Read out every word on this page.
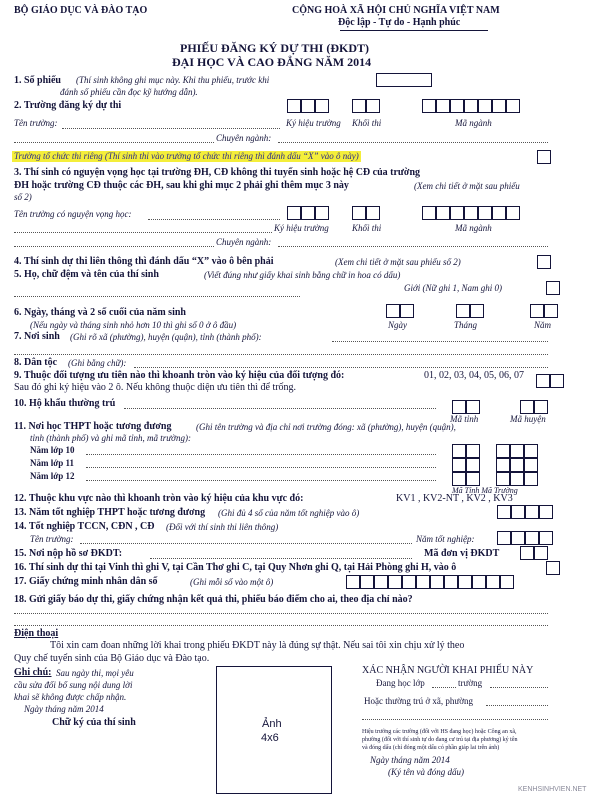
BỘ GIÁO DỤC VÀ ĐÀO TẠO	CỘNG HOÀ XÃ HỘI CHỦ NGHĨA VIỆT NAM
Độc lập - Tự do - Hạnh phúc
PHIẾU ĐĂNG KÝ DỰ THI (ĐKDT)
ĐẠI HỌC VÀ CAO ĐẲNG NĂM 2014
1. Số phiếu (Thí sinh không ghi mục này. Khi thu phiếu, trước khi
đánh số phiếu cần đọc kỹ hướng dẫn).
2. Trường đăng ký dự thi
Tên trường:	Ký hiệu trường Khối thi	Mã ngành
Chuyên ngành:
Trường tổ chức thi riêng (Thí sinh thi vào trường tổ chức thi riêng thì đánh dấu “X” vào ô này)
3. Thí sinh có nguyện vọng học tại trường ĐH, CĐ không thi tuyển sinh hoặc hệ CĐ của trường
ĐH hoặc trường CĐ thuộc các ĐH, sau khi ghi mục 2 phải ghi thêm mục 3 này	(Xem chi tiết ở mặt sau phiếu
số 2)
Tên trường có nguyện vọng học:
Ký hiệu trường	Khối thi	Mã ngành
Chuyên ngành:
4. Thí sinh dự thi liên thông thì đánh dấu “X” vào ô bên phải	(Xem chi tiết ở mặt sau phiếu số 2)
5. Họ, chữ đệm và tên của thí sinh	(Viết đúng như giấy khai sinh bằng chữ in hoa có dấu)
Giới (Nữ ghi 1, Nam ghi 0)
6. Ngày, tháng và 2 số cuối của năm sinh
(Nếu ngày và tháng sinh nhỏ hơn 10 thì ghi số 0 ở ô đầu)	Ngày	Tháng	Năm
7. Nơi sinh (Ghi rõ xã (phường), huyện (quận), tỉnh (thành phố):
8. Dân tộc (Ghi bằng chữ):
9. Thuộc đối tượng ưu tiên nào thì khoanh tròn vào ký hiệu của đối tượng đó:	01, 02, 03, 04, 05, 06, 07
Sau đó ghi ký hiệu vào 2 ô. Nếu không thuộc diện ưu tiên thì để trống.
10. Hộ khẩu thường trú
Mã tỉnh	Mã huyện
11. Nơi học THPT hoặc tương đương	(Ghi tên trường và địa chỉ nơi trường đóng: xã (phường), huyện (quận),
tỉnh (thành phố) và ghi mã tỉnh, mã trường):
Năm lớp 10
Năm lớp 11
Năm lớp 12
Mã Tỉnh Mã Trường
12. Thuộc khu vực nào thì khoanh tròn vào ký hiệu của khu vực đó:	KV1 , KV2-NT , KV2 , KV3
13. Năm tốt nghiệp THPT hoặc tương đương (Ghi đủ 4 số của năm tốt nghiệp vào ô)
14. Tốt nghiệp TCCN, CĐN , CĐ (Đối với thí sinh thi liên thông)
Tên trường:	Năm tốt nghiệp:
15. Nơi nộp hồ sơ ĐKDT:	Mã đơn vị ĐKDT
16. Thí sinh dự thi tại Vinh thì ghi V, tại Cần Thơ ghi C, tại Quy Nhơn ghi Q, tại Hải Phòng ghi H, vào ô
17. Giấy chứng minh nhân dân số	(Ghi mỗi số vào một ô)
18. Gửi giấy báo dự thi, giấy chứng nhận kết quả thi, phiếu báo điểm cho ai, theo địa chỉ nào?
Điện thoại
Tôi xin cam đoan những lời khai trong phiếu ĐKDT này là đúng sự thật. Nếu sai tôi xin chịu xử lý theo
Quy chế tuyển sinh của Bộ Giáo dục và Đào tạo.
Ghi chú: Sau ngày thi, mọi yêu
cầu sửa đổi bổ sung nội dung lời
khai sẽ không được chấp nhận.
Ngày tháng năm 2014
Chữ ký của thí sinh	Ảnh
4x6
XÁC NHẬN NGƯỜI KHAI PHIẾU NÀY
Đang học lớp	trường
Hoặc thường trú ở xã, phường
Hiệu trưởng các trường (đối với HS đang học) hoặc Công an xã,
phường (đối với thí sinh tự do đang cư trú tại địa phương) ký tên
và đóng dấu (chỉ đóng một dấu có phần giáp lai trên ảnh)
Ngày tháng năm 2014
(Ký tên và đóng dấu)
KENHSINHVIEN.NET
